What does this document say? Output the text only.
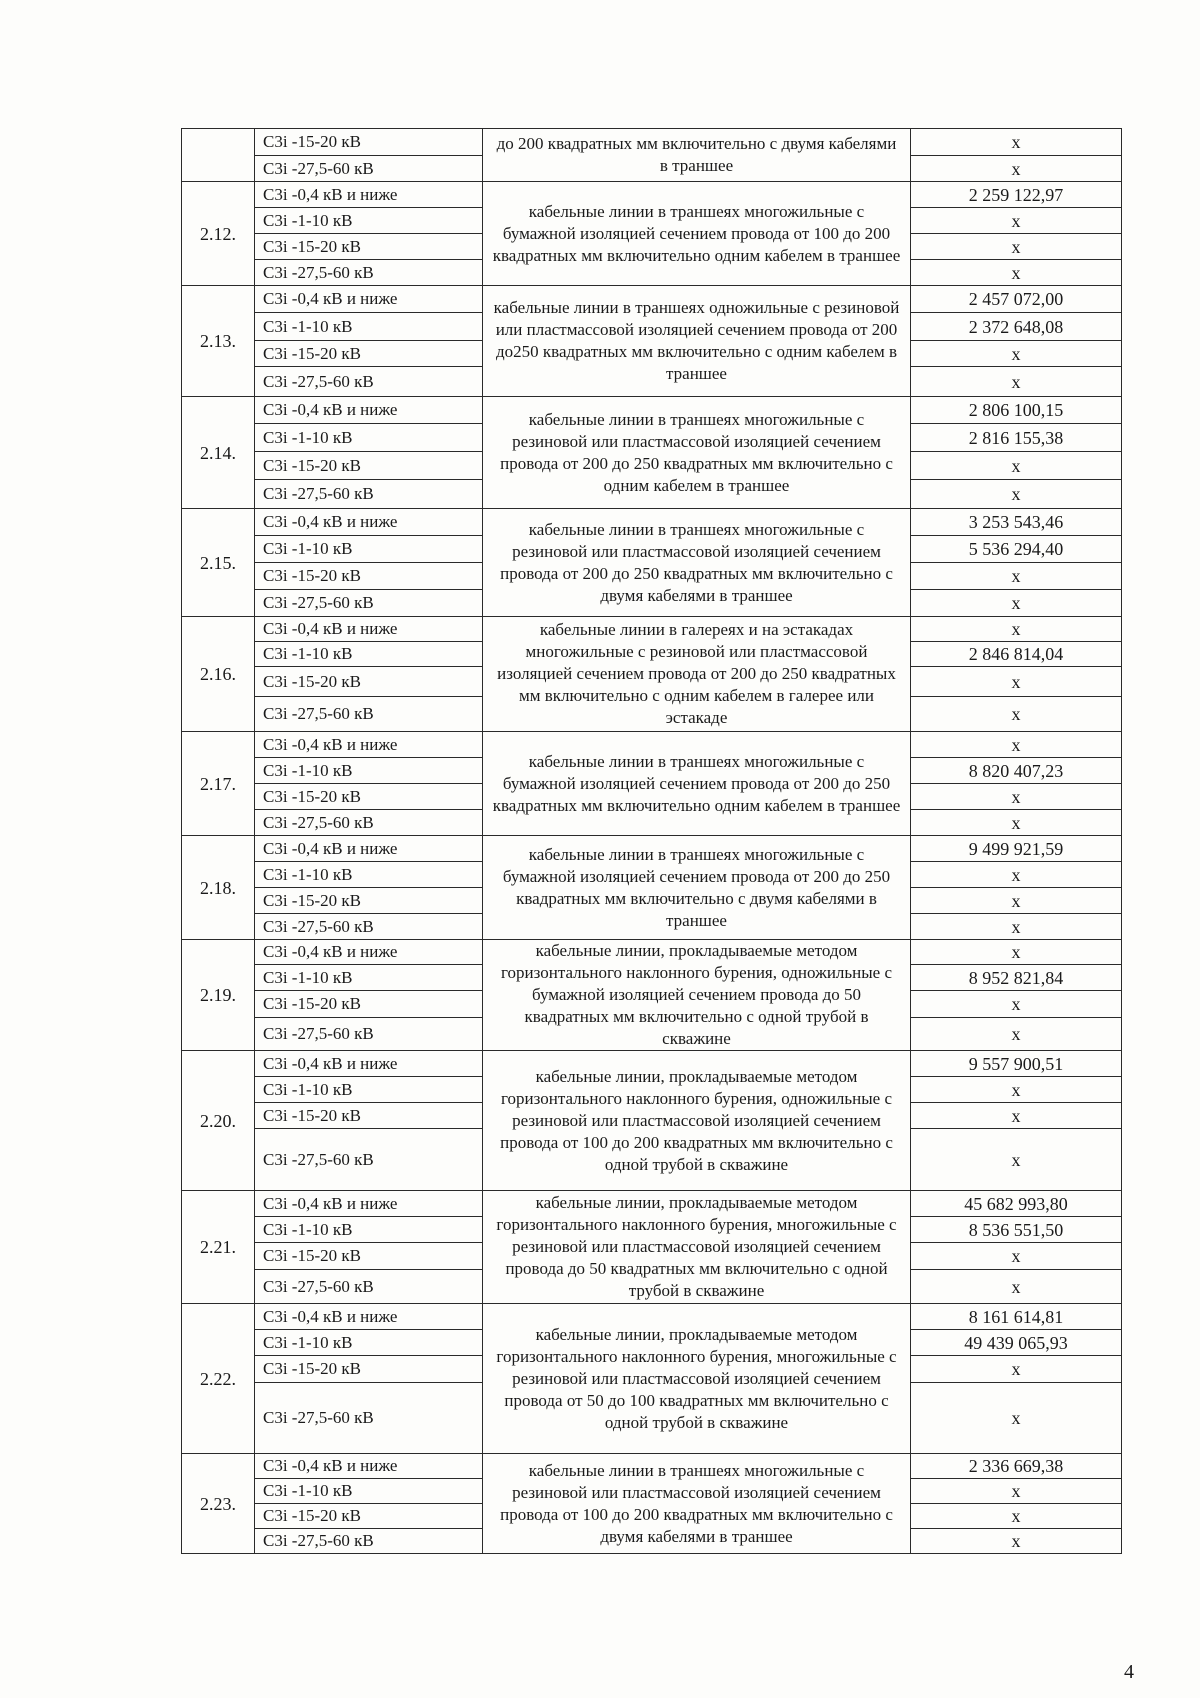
	C3i -15-20 кВ	до 200 квадратных мм включительно с двумя кабелями в траншее	x
	C3i -27,5-60 кВ		x
2.12.	C3i -0,4 кВ и ниже	кабельные линии в траншеях многожильные с бумажной изоляцией сечением провода от 100 до 200 квадратных мм включительно одним кабелем в траншее	2 259 122,97
	C3i -1-10 кВ		x
	C3i -15-20 кВ		x
	C3i -27,5-60 кВ		x
2.13.	C3i -0,4 кВ и ниже	кабельные линии в траншеях одножильные с резиновой или пластмассовой изоляцией сечением провода от 200 до250 квадратных мм включительно с одним кабелем в траншее	2 457 072,00
	C3i -1-10 кВ		2 372 648,08
	C3i -15-20 кВ		x
	C3i -27,5-60 кВ		x
2.14.	C3i -0,4 кВ и ниже	кабельные линии в траншеях многожильные с резиновой или пластмассовой изоляцией сечением провода от 200 до 250 квадратных мм включительно с одним кабелем в траншее	2 806 100,15
	C3i -1-10 кВ		2 816 155,38
	C3i -15-20 кВ		x
	C3i -27,5-60 кВ		x
2.15.	C3i -0,4 кВ и ниже	кабельные линии в траншеях многожильные с резиновой или пластмассовой изоляцией сечением провода от 200 до 250 квадратных мм включительно с двумя кабелями в траншее	3 253 543,46
	C3i -1-10 кВ		5 536 294,40
	C3i -15-20 кВ		x
	C3i -27,5-60 кВ		x
2.16.	C3i -0,4 кВ и ниже	кабельные линии в галереях и на эстакадах многожильные с резиновой или пластмассовой изоляцией сечением провода от 200 до 250 квадратных мм включительно с одним кабелем в галерее или эстакаде	x
	C3i -1-10 кВ		2 846 814,04
	C3i -15-20 кВ		x
	C3i -27,5-60 кВ		x
2.17.	C3i -0,4 кВ и ниже	кабельные линии в траншеях многожильные с бумажной изоляцией сечением провода от 200 до 250 квадратных мм включительно одним кабелем в траншее	x
	C3i -1-10 кВ		8 820 407,23
	C3i -15-20 кВ		x
	C3i -27,5-60 кВ		x
2.18.	C3i -0,4 кВ и ниже	кабельные линии в траншеях многожильные с бумажной изоляцией сечением провода от 200 до 250 квадратных мм включительно с двумя кабелями в траншее	9 499 921,59
	C3i -1-10 кВ		x
	C3i -15-20 кВ		x
	C3i -27,5-60 кВ		x
2.19.	C3i -0,4 кВ и ниже	кабельные линии, прокладываемые методом горизонтального наклонного бурения, одножильные с бумажной изоляцией сечением провода до 50 квадратных мм включительно с одной трубой в скважине	x
	C3i -1-10 кВ		8 952 821,84
	C3i -15-20 кВ		x
	C3i -27,5-60 кВ		x
2.20.	C3i -0,4 кВ и ниже	кабельные линии, прокладываемые методом горизонтального наклонного бурения, одножильные с резиновой или пластмассовой изоляцией сечением провода от 100 до 200 квадратных мм включительно с одной трубой в скважине	9 557 900,51
	C3i -1-10 кВ		x
	C3i -15-20 кВ		x
	C3i -27,5-60 кВ		x
2.21.	C3i -0,4 кВ и ниже	кабельные линии, прокладываемые методом горизонтального наклонного бурения, многожильные с резиновой или пластмассовой изоляцией сечением провода до 50 квадратных мм включительно с одной трубой в скважине	45 682 993,80
	C3i -1-10 кВ		8 536 551,50
	C3i -15-20 кВ		x
	C3i -27,5-60 кВ		x
2.22.	C3i -0,4 кВ и ниже	кабельные линии, прокладываемые методом горизонтального наклонного бурения, многожильные с резиновой или пластмассовой изоляцией сечением провода от 50 до 100 квадратных мм включительно с одной трубой в скважине	8 161 614,81
	C3i -1-10 кВ		49 439 065,93
	C3i -15-20 кВ		x
	C3i -27,5-60 кВ		x
2.23.	C3i -0,4 кВ и ниже	кабельные линии в траншеях многожильные с резиновой или пластмассовой изоляцией сечением провода от 100 до 200 квадратных мм включительно с двумя кабелями в траншее	2 336 669,38
	C3i -1-10 кВ		x
	C3i -15-20 кВ		x
	C3i -27,5-60 кВ		x
4
